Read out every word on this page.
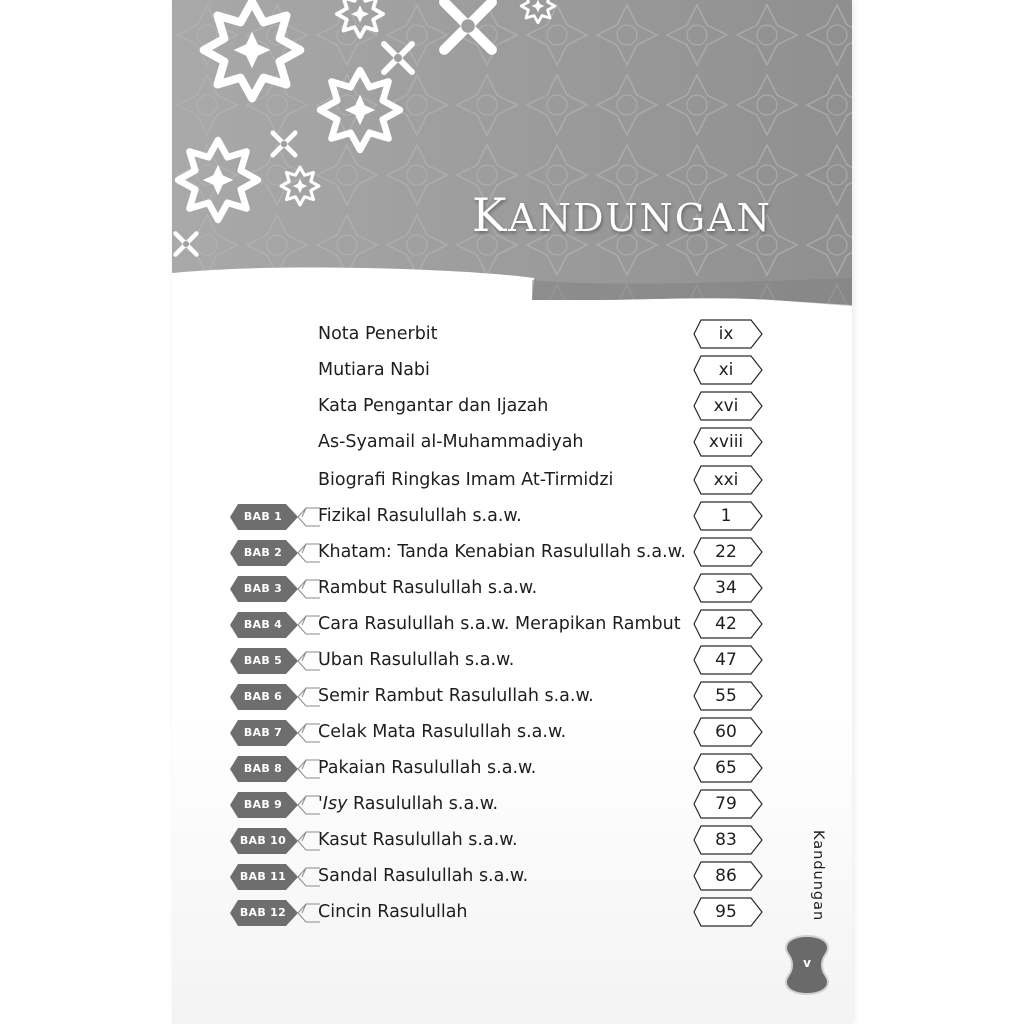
KANDUNGAN
Nota Penerbit	ix
Mutiara Nabi	xi
Kata Pengantar dan Ijazah	xvi
As-Syamail al-Muhammadiyah	xviii
Biografi Ringkas Imam At-Tirmidzi	xxi
BAB 1	Fizikal Rasulullah s.a.w.	1
BAB 2	Khatam: Tanda Kenabian Rasulullah s.a.w.	22
BAB 3	Rambut Rasulullah s.a.w.	34
BAB 4	Cara Rasulullah s.a.w. Merapikan Rambut	42
BAB 5	Uban Rasulullah s.a.w.	47
BAB 6	Semir Rambut Rasulullah s.a.w.	55
BAB 7	Celak Mata Rasulullah s.a.w.	60
BAB 8	Pakaian Rasulullah s.a.w.	65
BAB 9	'Isy Rasulullah s.a.w.	79
BAB 10	Kasut Rasulullah s.a.w.	83
BAB 11	Sandal Rasulullah s.a.w.	86
BAB 12	Cincin Rasulullah	95	Kandungan
v
